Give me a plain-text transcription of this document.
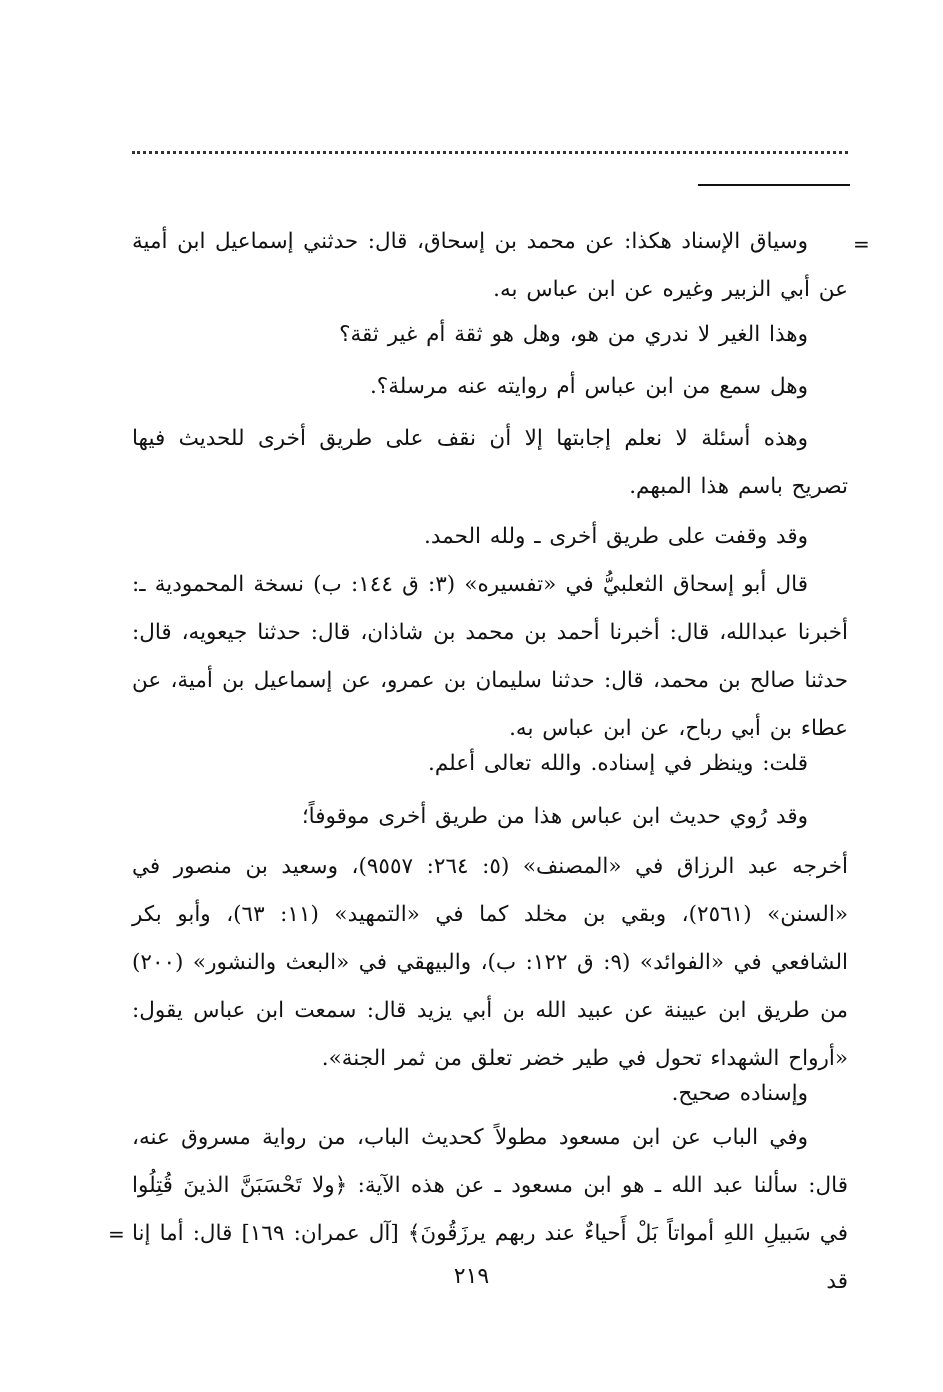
=

وسياق الإسناد هكذا: عن محمد بن إسحاق، قال: حدثني إسماعيل ابن أمية عن أبي الزبير وغيره عن ابن عباس به.

وهذا الغير لا ندري من هو، وهل هو ثقة أم غير ثقة؟

وهل سمع من ابن عباس أم روايته عنه مرسلة؟.

وهذه أسئلة لا نعلم إجابتها إلا أن نقف على طريق أخرى للحديث فيها تصريح باسم هذا المبهم.

وقد وقفت على طريق أخرى ـ ولله الحمد.

قال أبو إسحاق الثعلبيُّ في «تفسيره» (٣: ق ١٤٤: ب) نسخة المحمودية ـ: أخبرنا عبدالله، قال: أخبرنا أحمد بن محمد بن شاذان، قال: حدثنا جيعويه، قال: حدثنا صالح بن محمد، قال: حدثنا سليمان بن عمرو، عن إسماعيل بن أمية، عن عطاء بن أبي رباح، عن ابن عباس به.

قلت: وينظر في إسناده. والله تعالى أعلم.

وقد رُوي حديث ابن عباس هذا من طريق أخرى موقوفاً؛

أخرجه عبد الرزاق في «المصنف» (٥: ٢٦٤: ٩٥٥٧)، وسعيد بن منصور في «السنن» (٢٥٦١)، وبقي بن مخلد كما في «التمهيد» (١١: ٦٣)، وأبو بكر الشافعي في «الفوائد» (٩: ق ١٢٢: ب)، والبيهقي في «البعث والنشور» (٢٠٠) من طريق ابن عيينة عن عبيد الله بن أبي يزيد قال: سمعت ابن عباس يقول: «أرواح الشهداء تحول في طير خضر تعلق من ثمر الجنة».

وإسناده صحيح.

وفي الباب عن ابن مسعود مطولاً كحديث الباب، من رواية مسروق عنه، قال: سألنا عبد الله ـ هو ابن مسعود ـ عن هذه الآية: ﴿ولا تَحْسَبَنَّ الذينَ قُتِلُوا في سَبيلِ اللهِ أمواتاً بَلْ أَحياءٌ عند ربهم يرزَقُونَ﴾ [آل عمران: ١٦٩] قال: أما إنا قد

=
٢١٩
